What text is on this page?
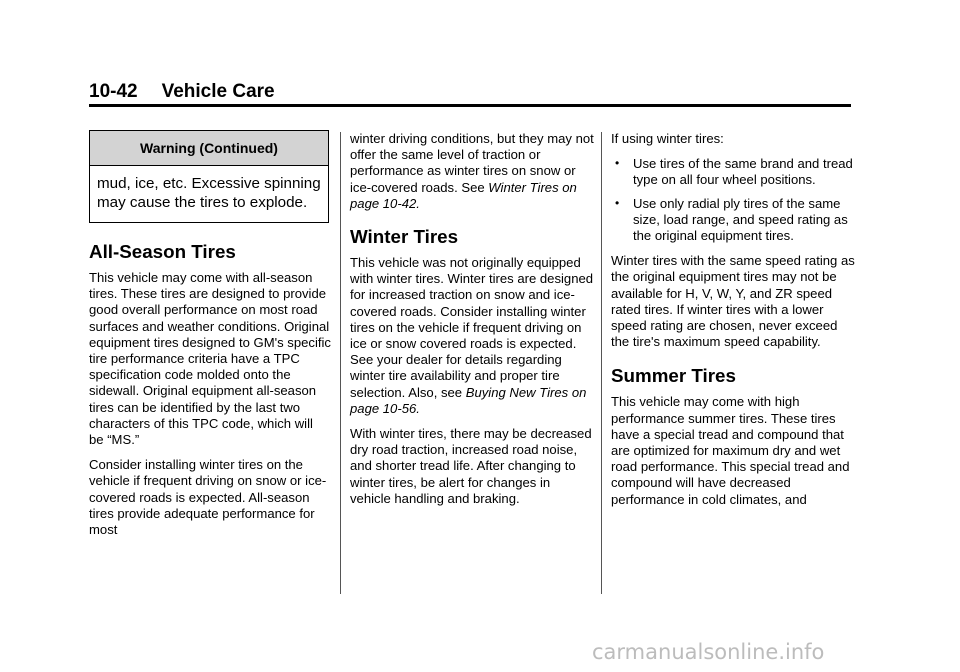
10-42 Vehicle Care
Warning (Continued)
mud, ice, etc. Excessive spinning may cause the tires to explode.
All-Season Tires

This vehicle may come with all-season tires. These tires are designed to provide good overall performance on most road surfaces and weather conditions. Original equipment tires designed to GM's specific tire performance criteria have a TPC specification code molded onto the sidewall. Original equipment all-season tires can be identified by the last two characters of this TPC code, which will be “MS.”

Consider installing winter tires on the vehicle if frequent driving on snow or ice-covered roads is expected. All-season tires provide adequate performance for most

winter driving conditions, but they may not offer the same level of traction or performance as winter tires on snow or ice-covered roads. See Winter Tires on page 10-42.

Winter Tires

This vehicle was not originally equipped with winter tires. Winter tires are designed for increased traction on snow and ice-covered roads. Consider installing winter tires on the vehicle if frequent driving on ice or snow covered roads is expected. See your dealer for details regarding winter tire availability and proper tire selection. Also, see Buying New Tires on page 10-56.

With winter tires, there may be decreased dry road traction, increased road noise, and shorter tread life. After changing to winter tires, be alert for changes in vehicle handling and braking.

If using winter tires:

• Use tires of the same brand and tread type on all four wheel positions.
• Use only radial ply tires of the same size, load range, and speed rating as the original equipment tires.

Winter tires with the same speed rating as the original equipment tires may not be available for H, V, W, Y, and ZR speed rated tires. If winter tires with a lower speed rating are chosen, never exceed the tire's maximum speed capability.

Summer Tires

This vehicle may come with high performance summer tires. These tires have a special tread and compound that are optimized for maximum dry and wet road performance. This special tread and compound will have decreased performance in cold climates, and

carmanualsonline.info
